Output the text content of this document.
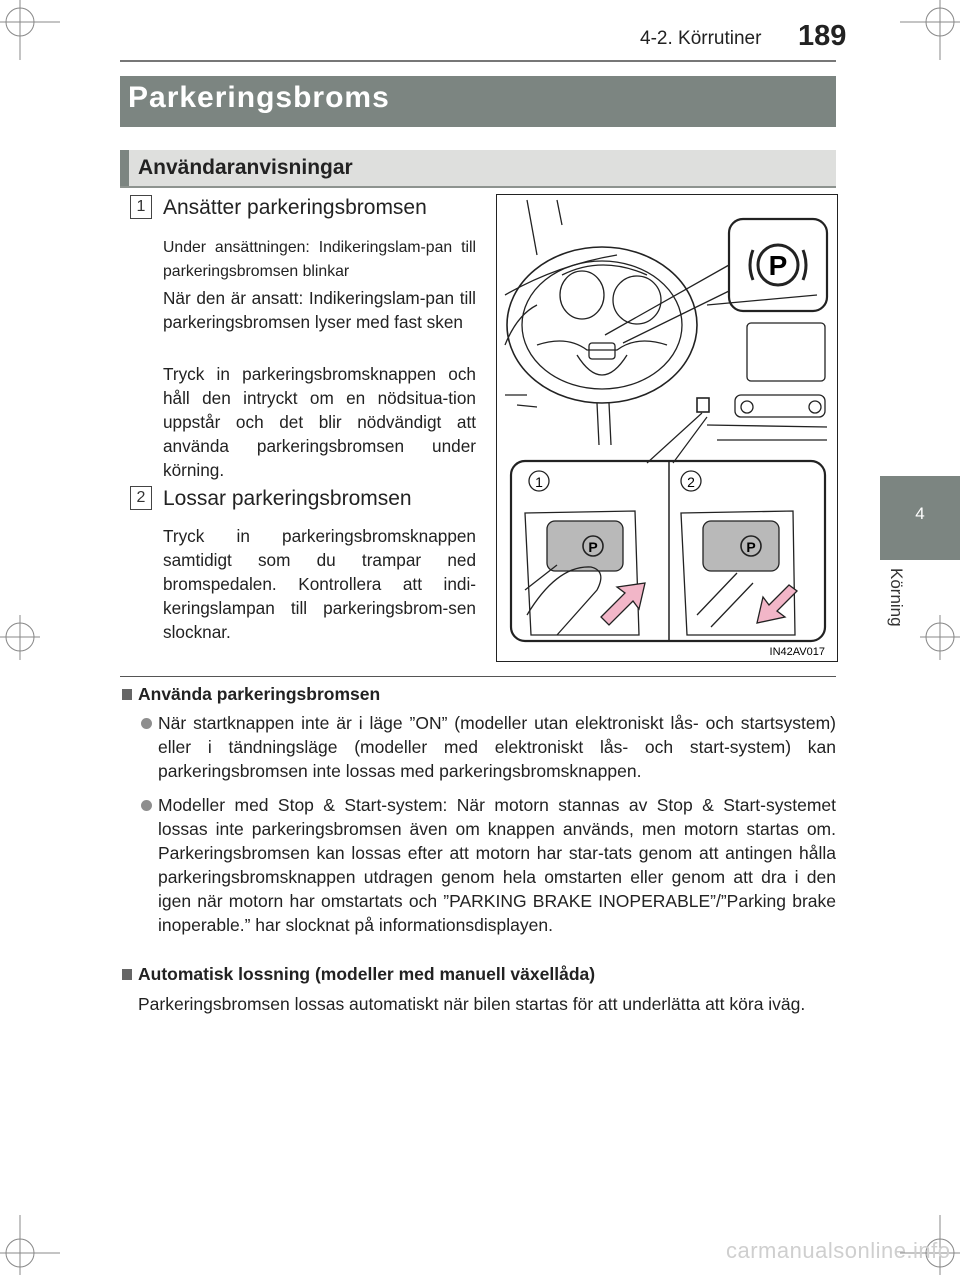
4-2. Körrutiner 189
4
Körning
Parkeringsbroms
Användaranvisningar
1 Ansätter parkeringsbromsen
Under ansättningen: Indikeringslam-pan till parkeringsbromsen blinkar
När den är ansatt: Indikeringslam-pan till parkeringsbromsen lyser med fast sken
Tryck in parkeringsbromsknappen och håll den intryckt om en nödsitua-tion uppstår och det blir nödvändigt att använda parkeringsbromsen under körning.
2 Lossar parkeringsbromsen
Tryck in parkeringsbromsknappen samtidigt som du trampar ned bromspedalen. Kontrollera att indi-keringslampan till parkeringsbrom-sen slocknar.
P
P	P
1	2
IN42AV017
Använda parkeringsbromsen
När startknappen inte är i läge ”ON” (modeller utan elektroniskt lås- och startsystem) eller i tändningsläge (modeller med elektroniskt lås- och start-system) kan parkeringsbromsen inte lossas med parkeringsbromsknappen.
Modeller med Stop & Start-system: När motorn stannas av Stop & Start-systemet lossas inte parkeringsbromsen även om knappen används, men motorn startas om. Parkeringsbromsen kan lossas efter att motorn har star-tats genom att antingen hålla parkeringsbromsknappen utdragen genom hela omstarten eller genom att dra i den igen när motorn har omstartats och ”PARKING BRAKE INOPERABLE”/”Parking brake inoperable.” har slocknat på informationsdisplayen.
Automatisk lossning (modeller med manuell växellåda)
Parkeringsbromsen lossas automatiskt när bilen startas för att underlätta att köra iväg.
carmanualsonline.info
